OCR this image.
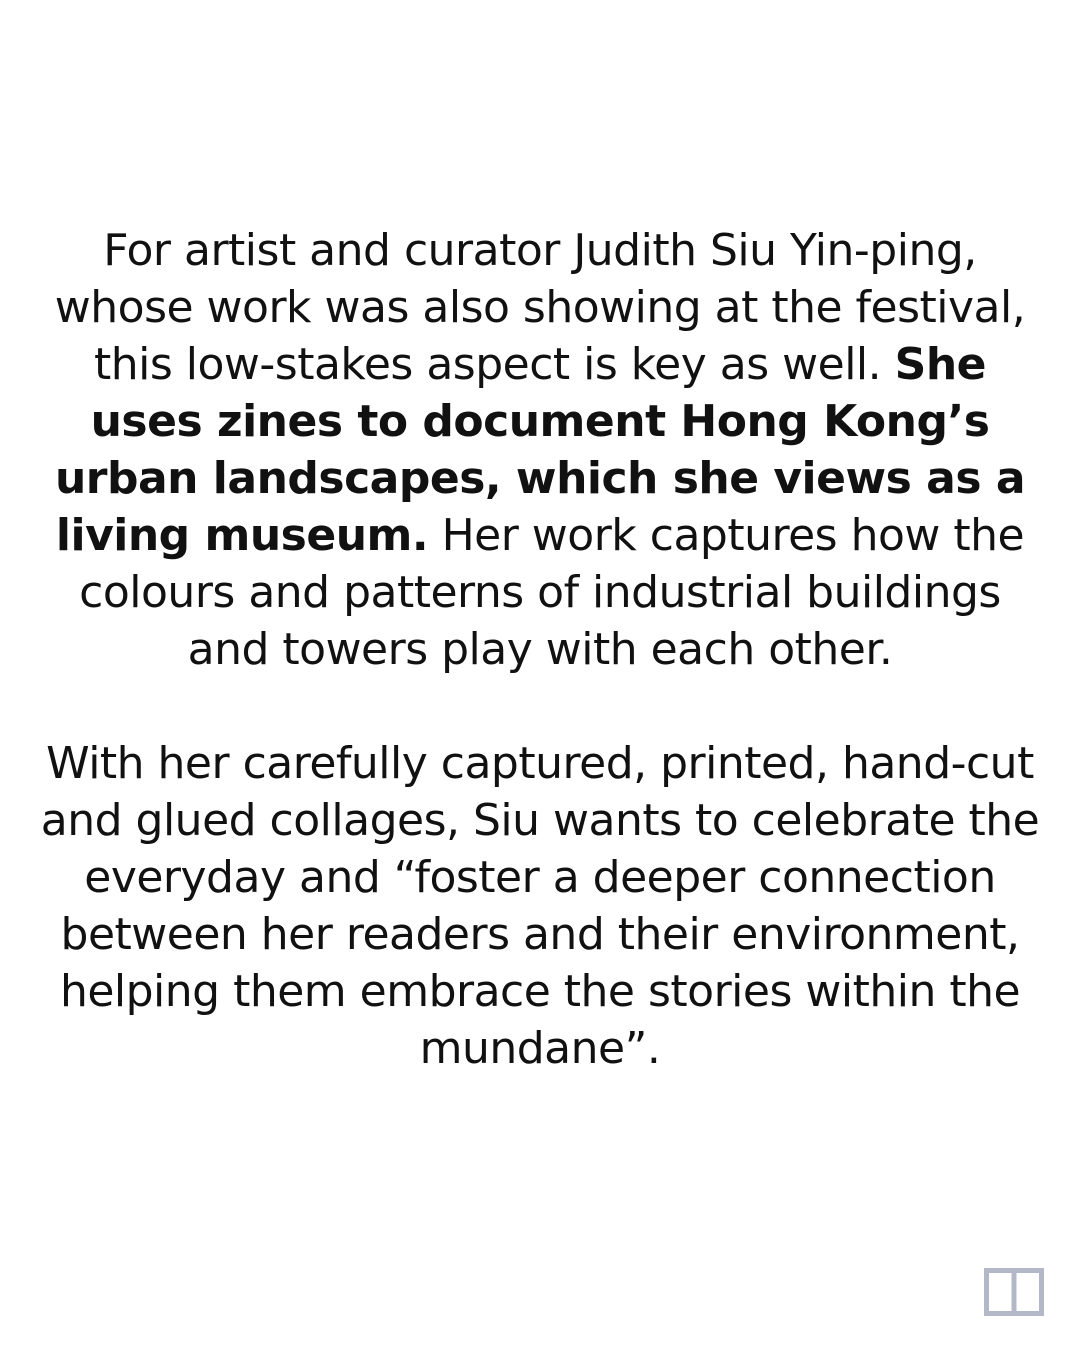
For artist and curator Judith Siu Yin-ping, whose work was also showing at the festival, this low-stakes aspect is key as well. She uses zines to document Hong Kong’s urban landscapes, which she views as a living museum. Her work captures how the colours and patterns of industrial buildings and towers play with each other.

With her carefully captured, printed, hand-cut and glued collages, Siu wants to celebrate the everyday and “foster a deeper connection between her readers and their environment, helping them embrace the stories within the mundane”.
